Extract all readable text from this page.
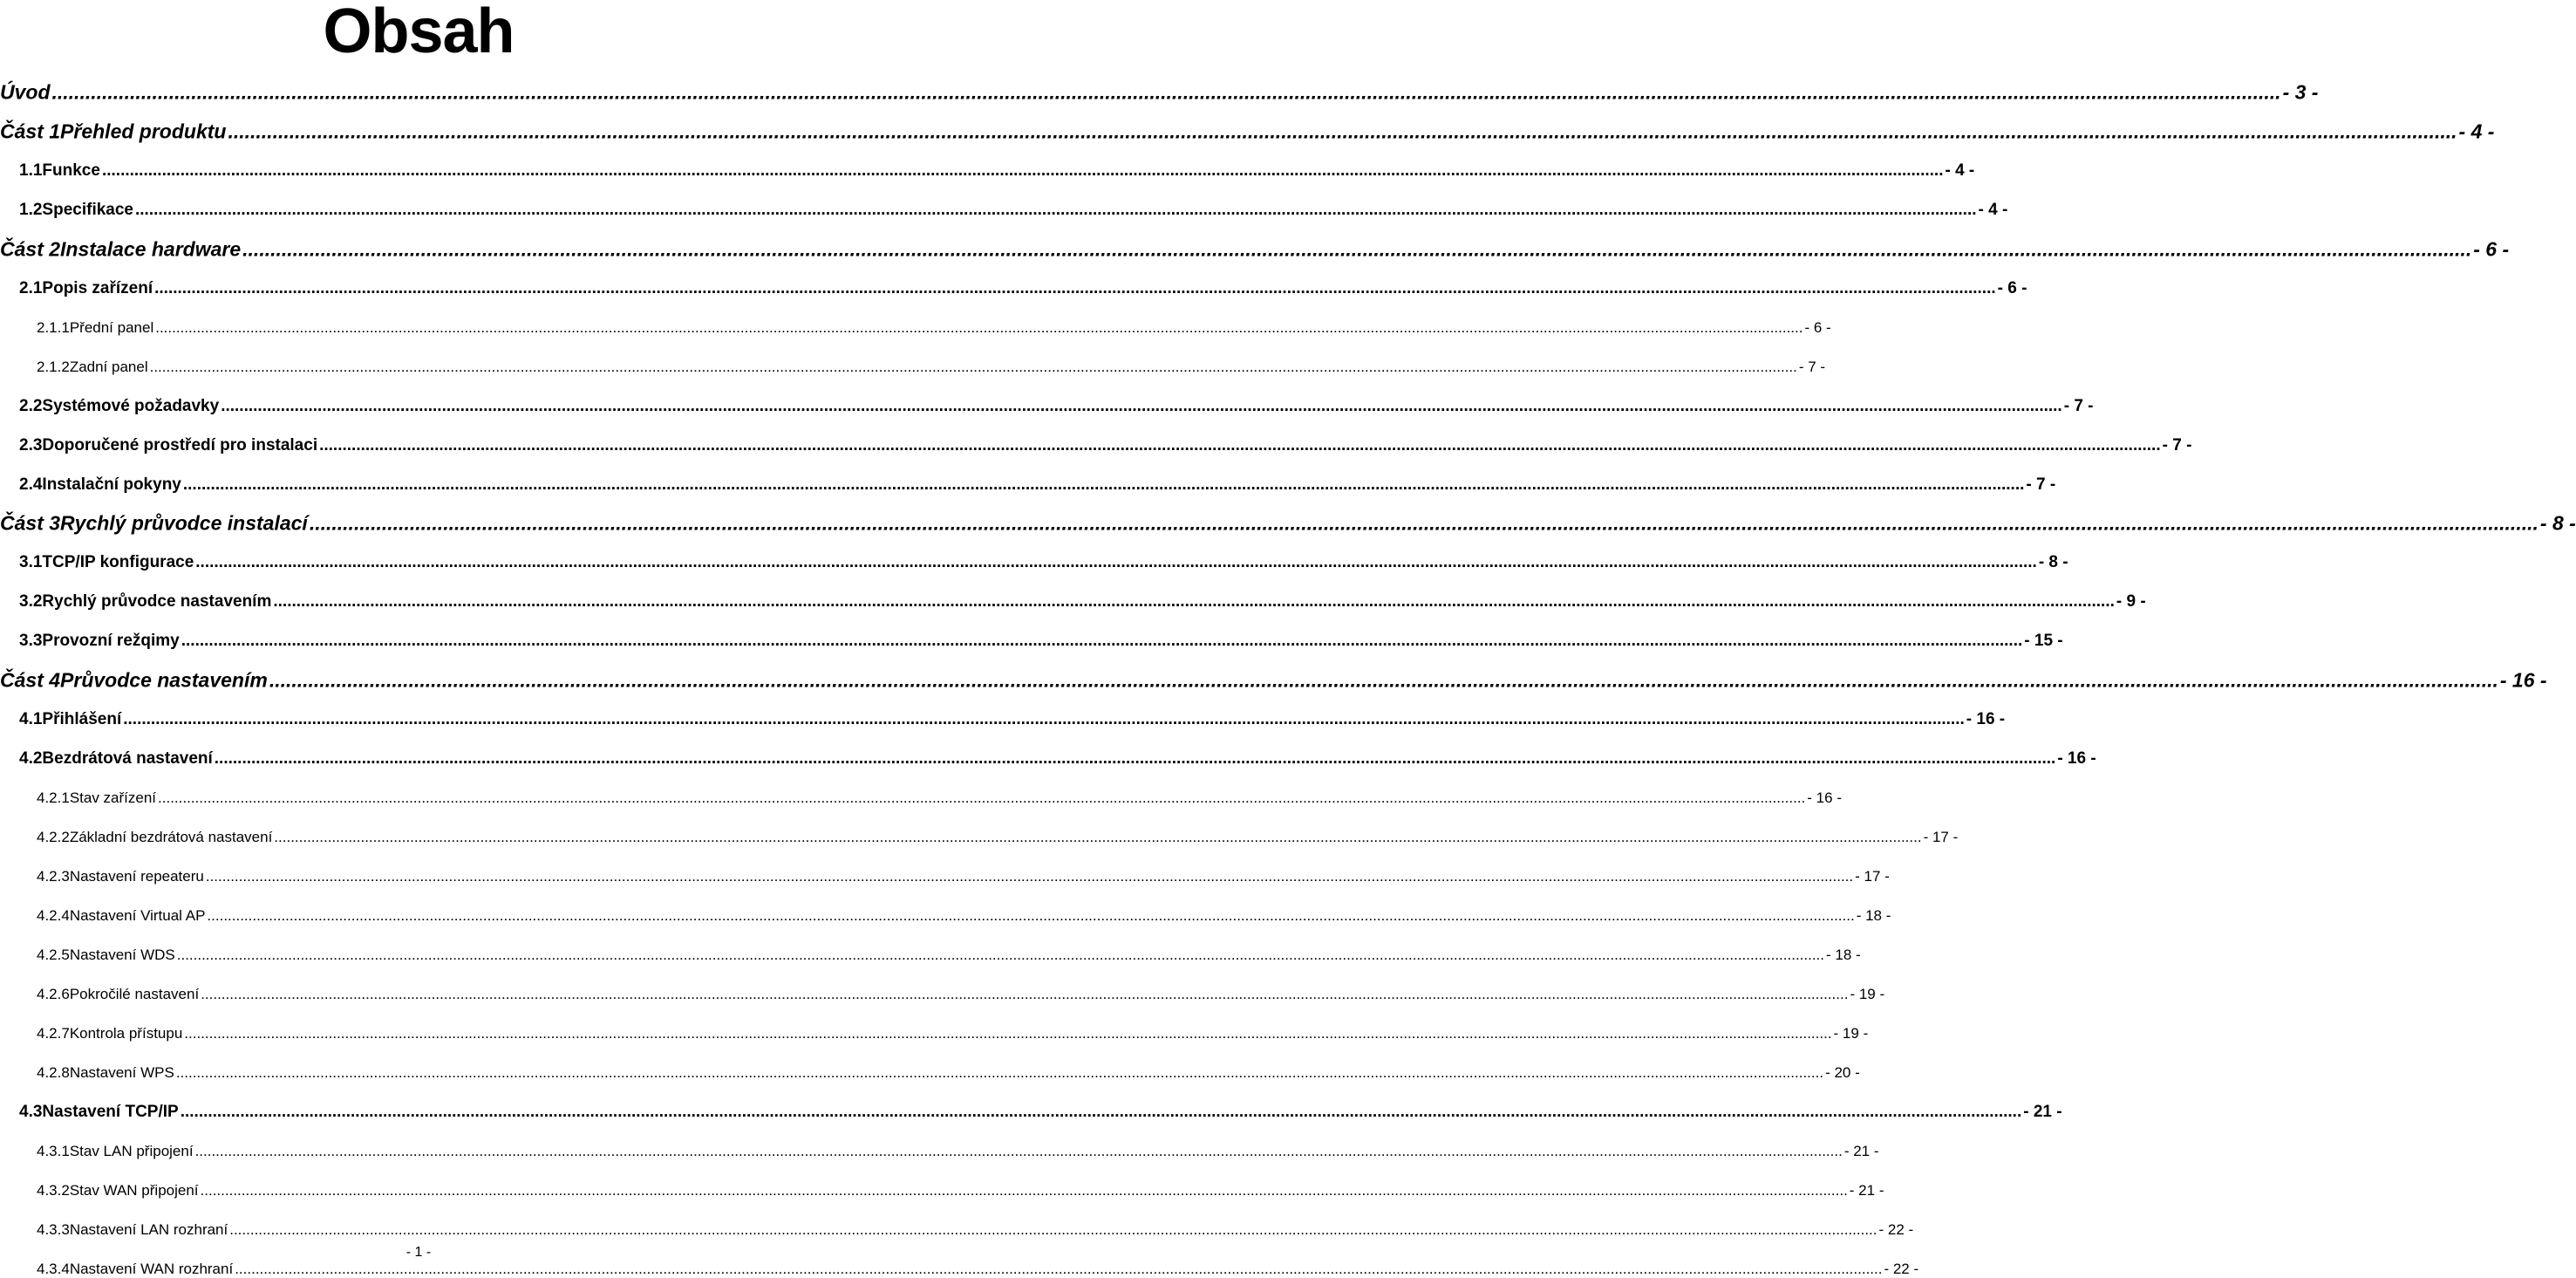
Obsah
Úvod ................................................................................................................................................................................................................................................................................................................................................................................................................ - 3 -
Část 1 Přehled produktu ................................................................................................................................................................................................................................................................................................................................................................................................................ - 4 -
1.1 Funkce ................................................................................................................................................................................................................................................................................................................................................................................................................ - 4 -
1.2 Specifikace ................................................................................................................................................................................................................................................................................................................................................................................................................ - 4 -
Část 2 Instalace hardware ................................................................................................................................................................................................................................................................................................................................................................................................................ - 6 -
2.1 Popis zařízení ................................................................................................................................................................................................................................................................................................................................................................................................................ - 6 -
2.1.1 Přední panel ................................................................................................................................................................................................................................................................................................................................................................................................................ - 6 -
2.1.2 Zadní panel ................................................................................................................................................................................................................................................................................................................................................................................................................ - 7 -
2.2 Systémové požadavky ................................................................................................................................................................................................................................................................................................................................................................................................................ - 7 -
2.3 Doporučené prostředí pro instalaci ................................................................................................................................................................................................................................................................................................................................................................................................................ - 7 -
2.4 Instalační pokyny ................................................................................................................................................................................................................................................................................................................................................................................................................ - 7 -
Část 3 Rychlý průvodce instalací ................................................................................................................................................................................................................................................................................................................................................................................................................ - 8 -
3.1 TCP/IP konfigurace ................................................................................................................................................................................................................................................................................................................................................................................................................ - 8 -
3.2 Rychlý průvodce nastavením ................................................................................................................................................................................................................................................................................................................................................................................................................ - 9 -
3.3 Provozní režqimy ................................................................................................................................................................................................................................................................................................................................................................................................................ - 15 -
Část 4 Průvodce nastavením ................................................................................................................................................................................................................................................................................................................................................................................................................ - 16 -
4.1 Přihlášení ................................................................................................................................................................................................................................................................................................................................................................................................................ - 16 -
4.2 Bezdrátová nastavení ................................................................................................................................................................................................................................................................................................................................................................................................................ - 16 -
4.2.1 Stav zařízení ................................................................................................................................................................................................................................................................................................................................................................................................................ - 16 -
4.2.2 Základní bezdrátová nastavení ................................................................................................................................................................................................................................................................................................................................................................................................................ - 17 -
4.2.3 Nastavení repeateru ................................................................................................................................................................................................................................................................................................................................................................................................................ - 17 -
4.2.4 Nastavení Virtual AP ................................................................................................................................................................................................................................................................................................................................................................................................................ - 18 -
4.2.5 Nastavení WDS ................................................................................................................................................................................................................................................................................................................................................................................................................ - 18 -
4.2.6 Pokročilé nastavení ................................................................................................................................................................................................................................................................................................................................................................................................................ - 19 -
4.2.7 Kontrola přístupu ................................................................................................................................................................................................................................................................................................................................................................................................................ - 19 -
4.2.8 Nastavení WPS ................................................................................................................................................................................................................................................................................................................................................................................................................ - 20 -
4.3 Nastavení TCP/IP ................................................................................................................................................................................................................................................................................................................................................................................................................ - 21 -
4.3.1 Stav LAN připojení ................................................................................................................................................................................................................................................................................................................................................................................................................ - 21 -
4.3.2 Stav WAN připojení ................................................................................................................................................................................................................................................................................................................................................................................................................ - 21 -
4.3.3 Nastavení LAN rozhraní ................................................................................................................................................................................................................................................................................................................................................................................................................ - 22 -
4.3.4 Nastavení WAN rozhraní ................................................................................................................................................................................................................................................................................................................................................................................................................ - 22 -
- 1 -
